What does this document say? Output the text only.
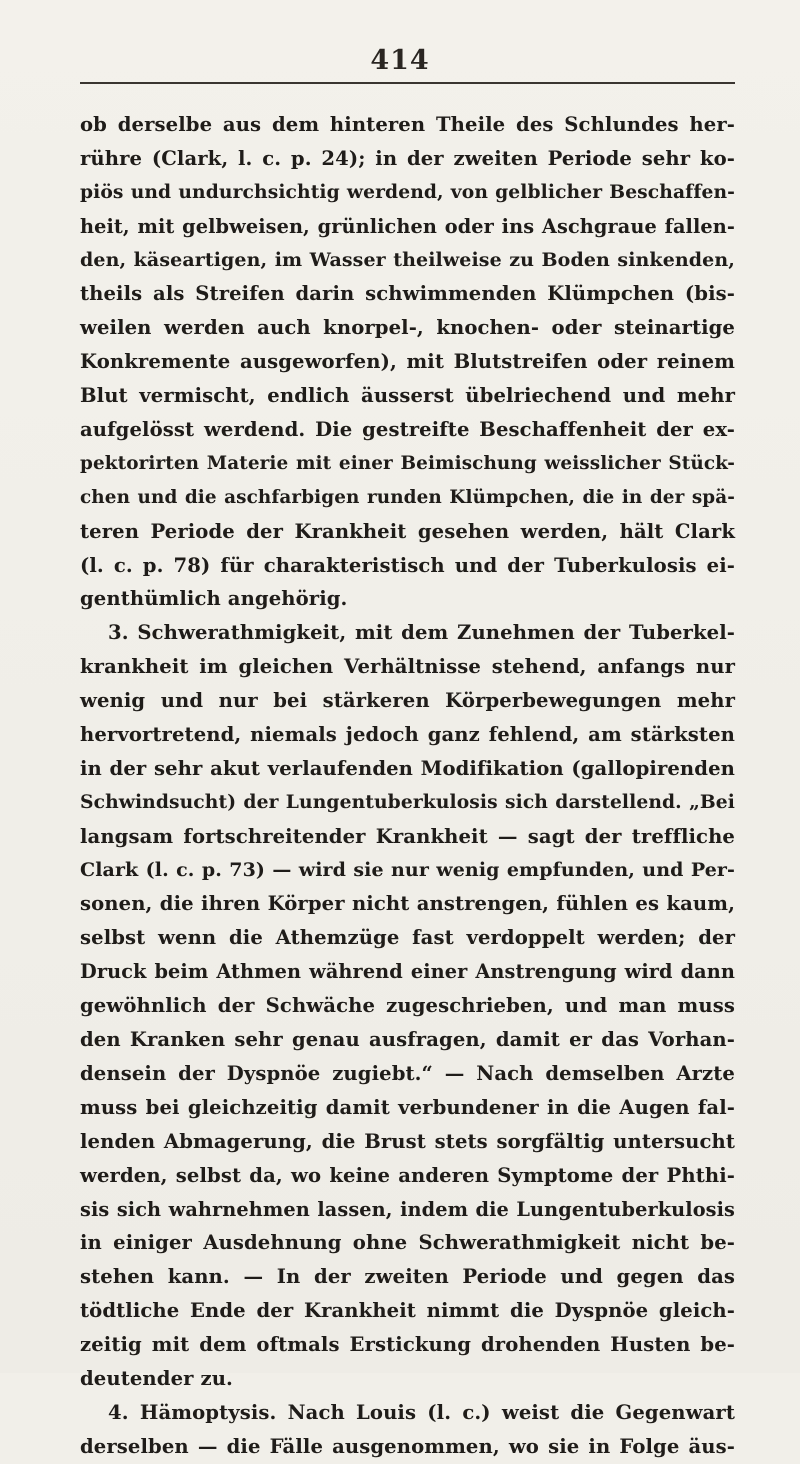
414
ob derselbe aus dem hinteren Theile des Schlundes her-
rühre (Clark, l. c. p. 24); in der zweiten Periode sehr ko-
piös und undurchsichtig werdend, von gelblicher Beschaffen-
heit, mit gelbweisen, grünlichen oder ins Aschgraue fallen-
den, käseartigen, im Wasser theilweise zu Boden sinkenden,
theils als Streifen darin schwimmenden Klümpchen (bis-
weilen werden auch knorpel-, knochen- oder steinartige
Konkremente ausgeworfen), mit Blutstreifen oder reinem
Blut vermischt, endlich äusserst übelriechend und mehr
aufgelösst werdend. Die gestreifte Beschaffenheit der ex-
pektorirten Materie mit einer Beimischung weisslicher Stück-
chen und die aschfarbigen runden Klümpchen, die in der spä-
teren Periode der Krankheit gesehen werden, hält Clark
(l. c. p. 78) für charakteristisch und der Tuberkulosis ei-
genthümlich angehörig.
3. Schwerathmigkeit, mit dem Zunehmen der Tuberkel-
krankheit im gleichen Verhältnisse stehend, anfangs nur
wenig und nur bei stärkeren Körperbewegungen mehr
hervortretend, niemals jedoch ganz fehlend, am stärksten
in der sehr akut verlaufenden Modifikation (gallopirenden
Schwindsucht) der Lungentuberkulosis sich darstellend. „Bei
langsam fortschreitender Krankheit — sagt der treffliche
Clark (l. c. p. 73) — wird sie nur wenig empfunden, und Per-
sonen, die ihren Körper nicht anstrengen, fühlen es kaum,
selbst wenn die Athemzüge fast verdoppelt werden; der
Druck beim Athmen während einer Anstrengung wird dann
gewöhnlich der Schwäche zugeschrieben, und man muss
den Kranken sehr genau ausfragen, damit er das Vorhan-
densein der Dyspnöe zugiebt.“ — Nach demselben Arzte
muss bei gleichzeitig damit verbundener in die Augen fal-
lenden Abmagerung, die Brust stets sorgfältig untersucht
werden, selbst da, wo keine anderen Symptome der Phthi-
sis sich wahrnehmen lassen, indem die Lungentuberkulosis
in einiger Ausdehnung ohne Schwerathmigkeit nicht be-
stehen kann. — In der zweiten Periode und gegen das
tödtliche Ende der Krankheit nimmt die Dyspnöe gleich-
zeitig mit dem oftmals Erstickung drohenden Husten be-
deutender zu.
4. Hämoptysis. Nach Louis (l. c.) weist die Gegenwart
derselben — die Fälle ausgenommen, wo sie in Folge äus-
